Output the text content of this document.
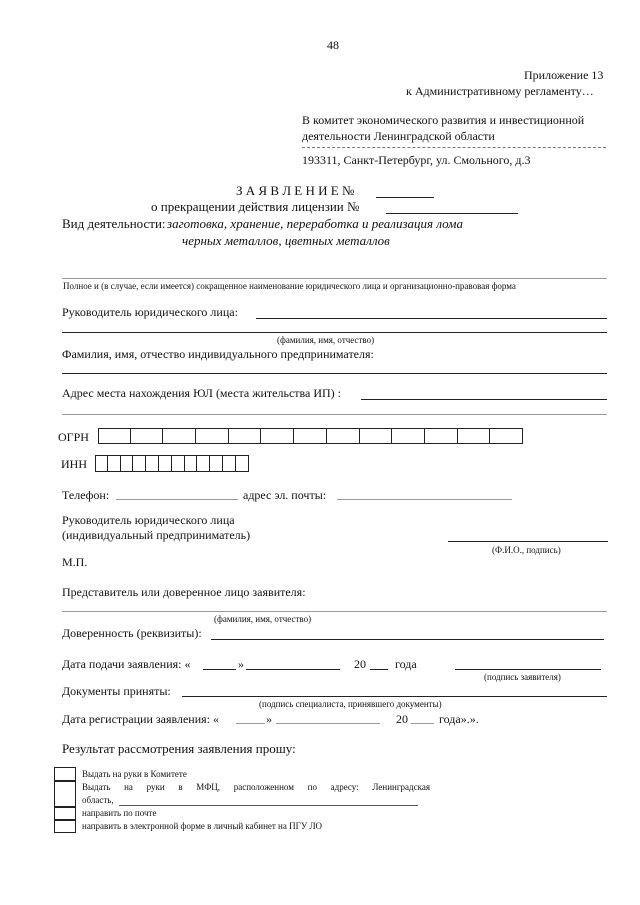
48
Приложение 13
к Административному регламенту…
В комитет экономического развития и инвестиционной
деятельности Ленинградской области
193311, Санкт-Петербург, ул. Смольного, д.3
З А Я В Л Е Н И Е №
о прекращении действия лицензии №
Вид деятельности: заготовка, хранение, переработка и реализация лома
черных металлов, цветных металлов
Полное и (в случае, если имеется) сокращенное наименование юридического лица и организационно-правовая форма
Руководитель юридического лица:
(фамилия, имя, отчество)
Фамилия, имя, отчество индивидуального предпринимателя:
Адрес места нахождения ЮЛ (места жительства ИП) :
ОГРН
ИНН
Телефон:	адрес эл. почты:
Руководитель юридического лица
(индивидуальный предприниматель)
(Ф.И.О., подпись)
М.П.
Представитель или доверенное лицо заявителя:
(фамилия, имя, отчество)
Доверенность (реквизиты):
Дата подачи заявления: «	»	20 года
(подпись заявителя)
Документы приняты:
(подпись специалиста, принявшего документы)
Дата регистрации заявления: «	»	20	года».».
Результат рассмотрения заявления прошу:
Выдать на руки в Комитете
Выдать на руки в МФЦ, расположенном по адресу: Ленинградская
область,
направить по почте
направить в электронной форме в личный кабинет на ПГУ ЛО
